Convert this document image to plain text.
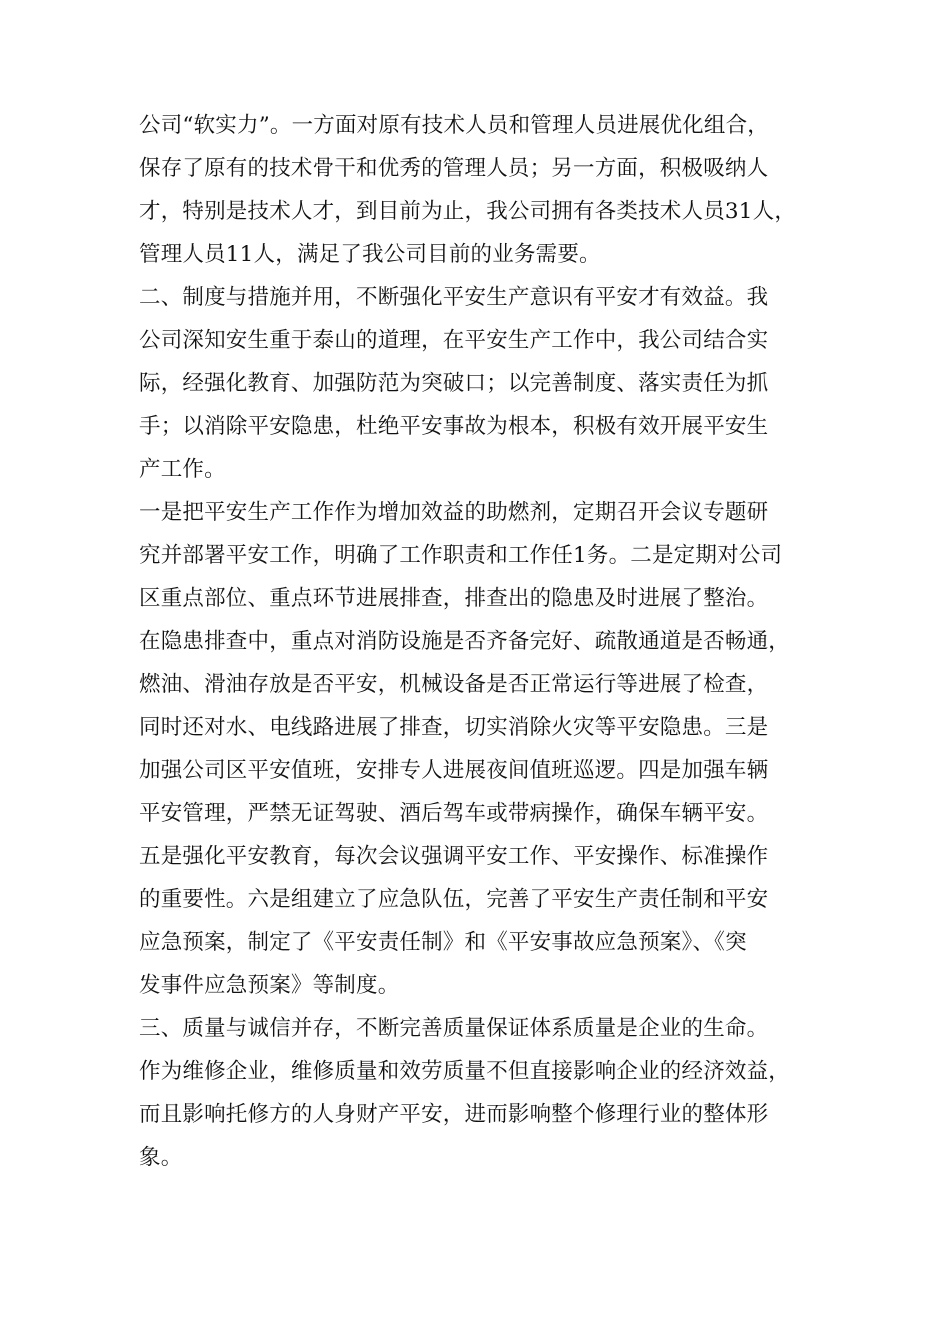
公司“软实力”。一方面对原有技术人员和管理人员进展优化组合，
保存了原有的技术骨干和优秀的管理人员；另一方面，积极吸纳人
才，特别是技术人才，到目前为止，我公司拥有各类技术人员31人，
管理人员11人，满足了我公司目前的业务需要。
二、制度与措施并用，不断强化平安生产意识有平安才有效益。我
公司深知安生重于泰山的道理，在平安生产工作中，我公司结合实
际，经强化教育、加强防范为突破口；以完善制度、落实责任为抓
手；以消除平安隐患，杜绝平安事故为根本，积极有效开展平安生
产工作。
一是把平安生产工作作为增加效益的助燃剂，定期召开会议专题研
究并部署平安工作，明确了工作职责和工作任1务。二是定期对公司
区重点部位、重点环节进展排查，排查出的隐患及时进展了整治。
在隐患排查中，重点对消防设施是否齐备完好、疏散通道是否畅通，
燃油、滑油存放是否平安，机械设备是否正常运行等进展了检查，
同时还对水、电线路进展了排查，切实消除火灾等平安隐患。三是
加强公司区平安值班，安排专人进展夜间值班巡逻。四是加强车辆
平安管理，严禁无证驾驶、酒后驾车或带病操作，确保车辆平安。
五是强化平安教育，每次会议强调平安工作、平安操作、标准操作
的重要性。六是组建立了应急队伍，完善了平安生产责任制和平安
应急预案，制定了《平安责任制》和《平安事故应急预案》、《突
发事件应急预案》等制度。
三、质量与诚信并存，不断完善质量保证体系质量是企业的生命。
作为维修企业，维修质量和效劳质量不但直接影响企业的经济效益，
而且影响托修方的人身财产平安，进而影响整个修理行业的整体形
象。
